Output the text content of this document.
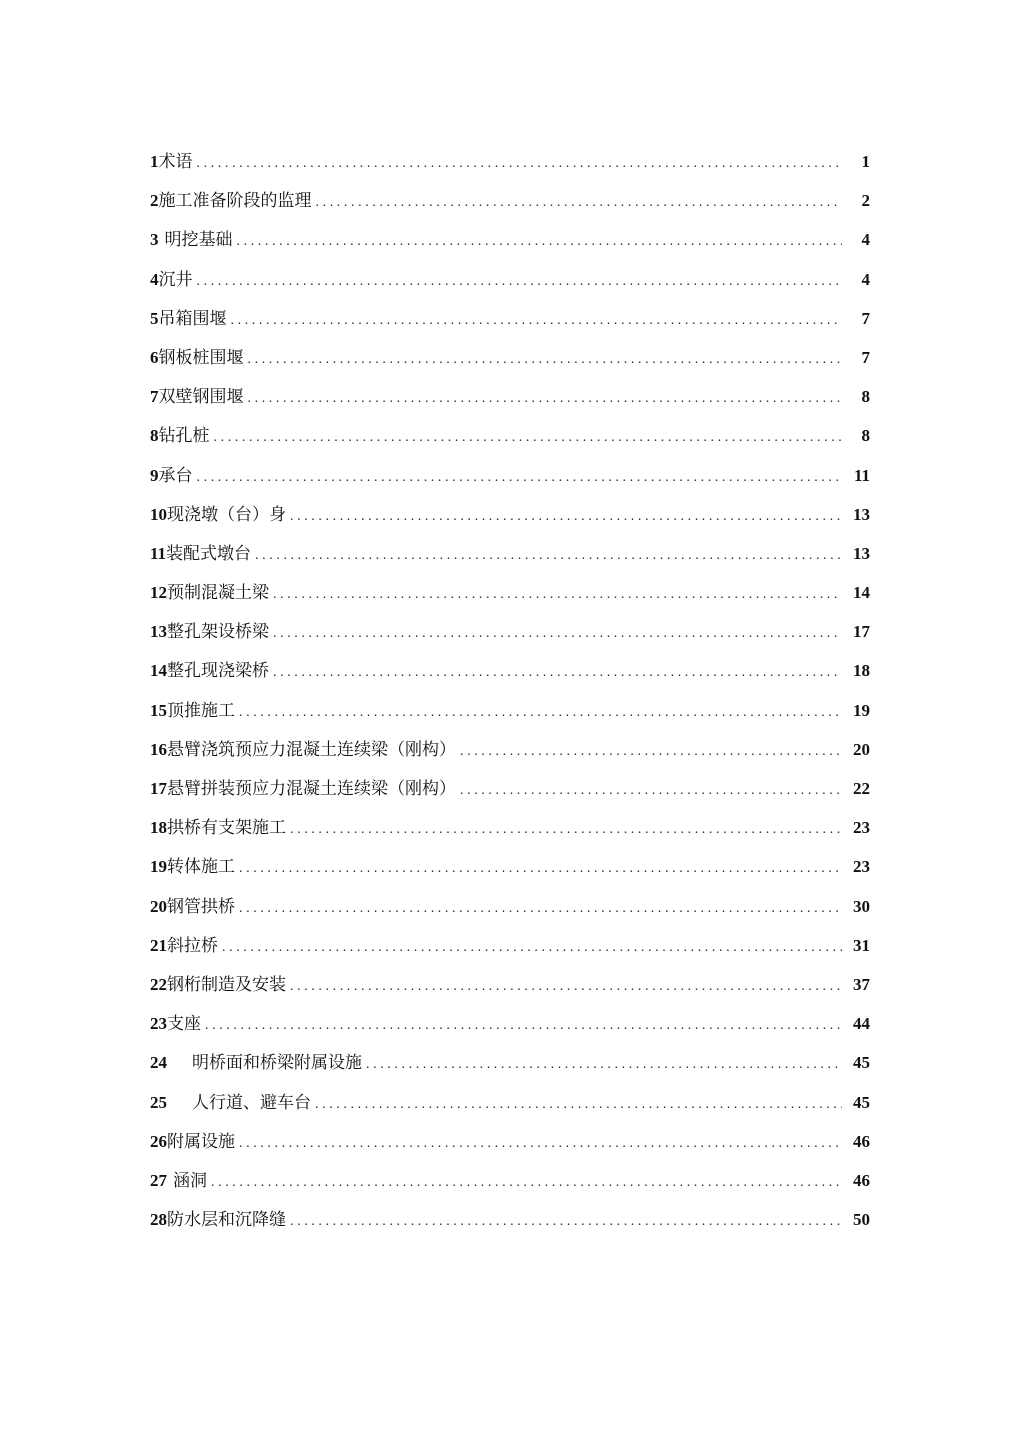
1 术语 .....	1
2 施工准备阶段的监理 .....	2
3 明挖基础 .....	4
4 沉井 .....	4
5 吊箱围堰 .....	7
6 钢板桩围堰 .....	7
7 双壁钢围堰 .....	8
8 钻孔桩 .....	8
9 承台 .....	11
10 现浇墩（台）身 .....	13
11 装配式墩台 .....	13
12 预制混凝土梁 .....	14
13 整孔架设桥梁 .....	17
14 整孔现浇梁桥 .....	18
15 顶推施工 .....	19
16 悬臂浇筑预应力混凝土连续梁（刚构） .....	20
17 悬臂拼装预应力混凝土连续梁（刚构） .....	22
18 拱桥有支架施工 .....	23
19 转体施工 .....	23
20 钢管拱桥 .....	30
21 斜拉桥 .....	31
22 钢桁制造及安装 .....	37
23 支座 .....	44
24	明桥面和桥梁附属设施 .....	45
25	人行道、避车台 .....	45
26 附属设施 .....	46
27 涵洞 .....	46
28 防水层和沉降缝 .....	50
